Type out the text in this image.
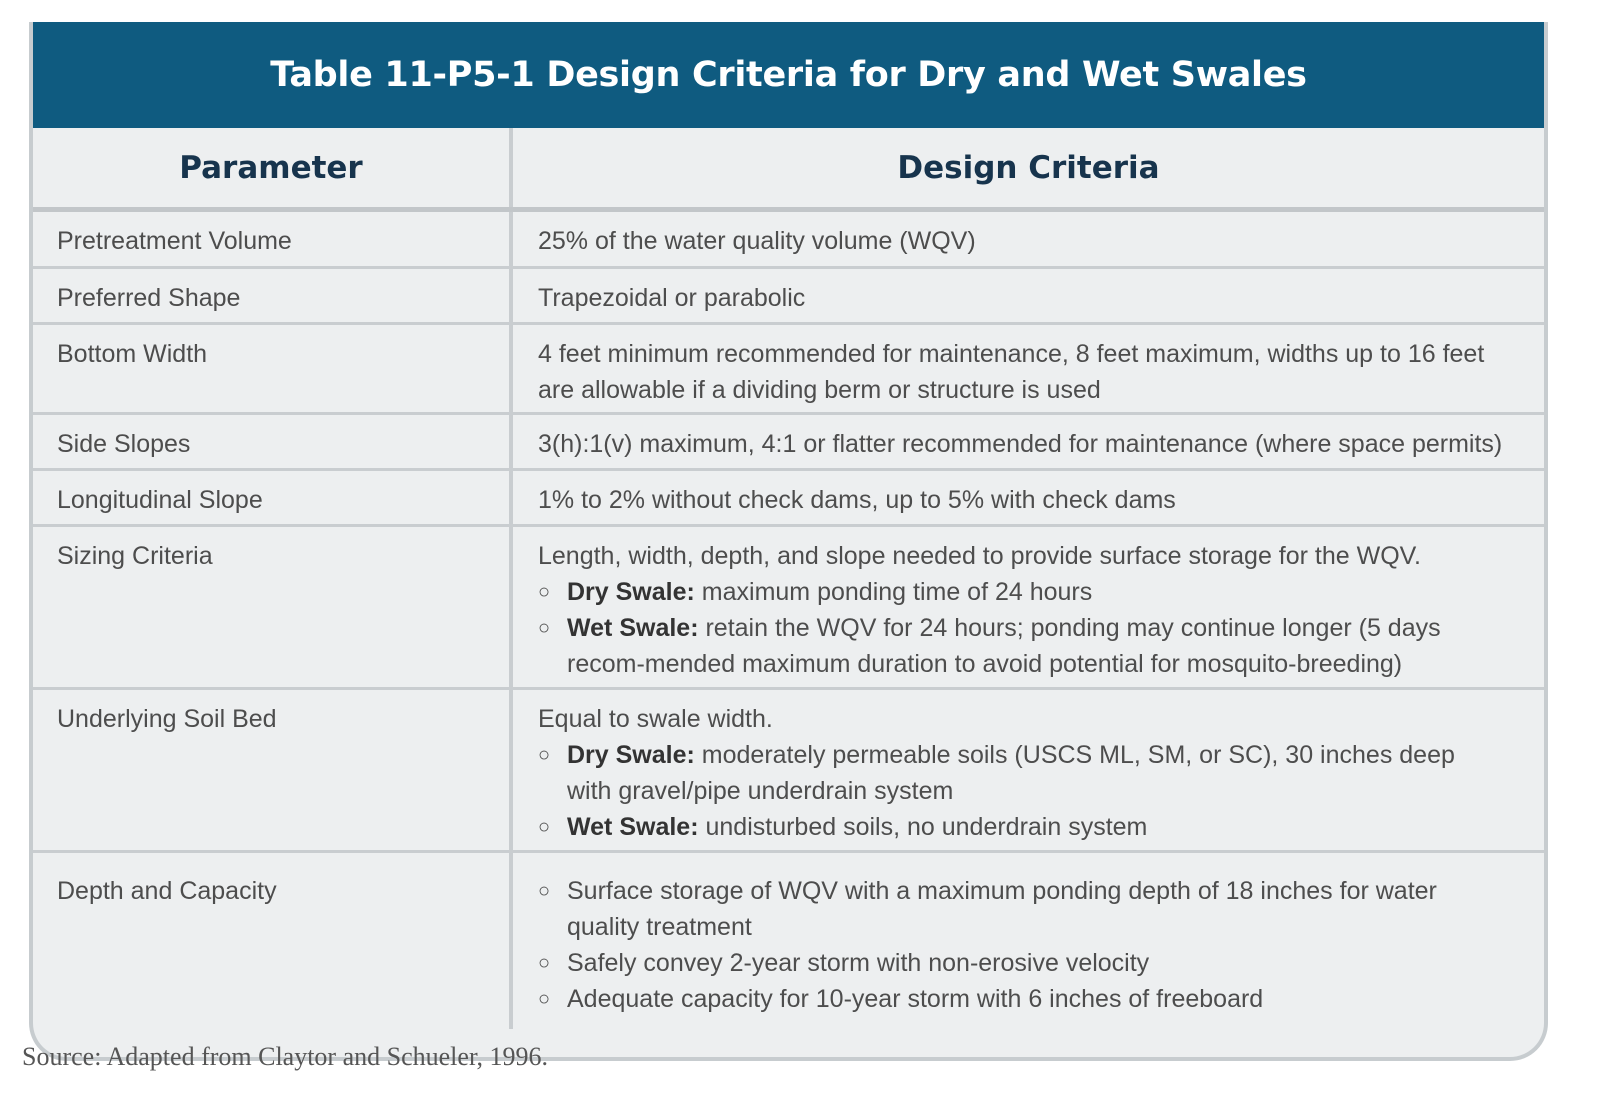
Table 11-P5-1 Design Criteria for Dry and Wet Swales
Parameter	Design Criteria
Pretreatment Volume	25% of the water quality volume (WQV)
Preferred Shape	Trapezoidal or parabolic
Bottom Width	4 feet minimum recommended for maintenance, 8 feet maximum, widths up to 16 feet are allowable if a dividing berm or structure is used
Side Slopes	3(h):1(v) maximum, 4:1 or flatter recommended for maintenance (where space permits)
Longitudinal Slope	1% to 2% without check dams, up to 5% with check dams
Sizing Criteria	Length, width, depth, and slope needed to provide surface storage for the WQV.
○ Dry Swale: maximum ponding time of 24 hours
○ Wet Swale: retain the WQV for 24 hours; ponding may continue longer (5 days recom-mended maximum duration to avoid potential for mosquito-breeding)
Underlying Soil Bed	Equal to swale width.
○ Dry Swale: moderately permeable soils (USCS ML, SM, or SC), 30 inches deep with gravel/pipe underdrain system
○ Wet Swale: undisturbed soils, no underdrain system
Depth and Capacity	○ Surface storage of WQV with a maximum ponding depth of 18 inches for water quality treatment
○ Safely convey 2-year storm with non-erosive velocity
○ Adequate capacity for 10-year storm with 6 inches of freeboard
Source: Adapted from Claytor and Schueler, 1996.
